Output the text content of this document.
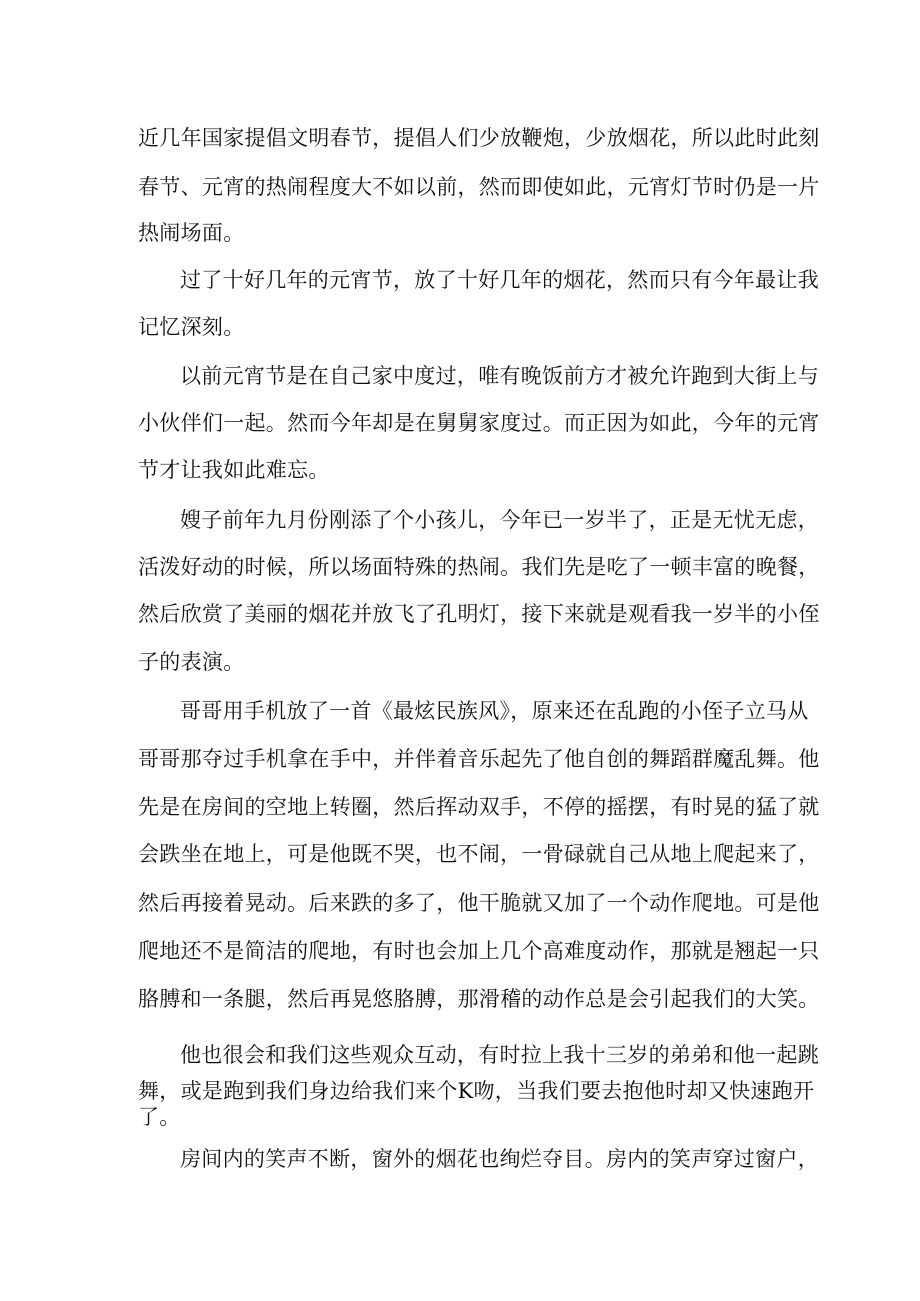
近几年国家提倡文明春节，提倡人们少放鞭炮，少放烟花，所以此时此刻
春节、元宵的热闹程度大不如以前，然而即使如此，元宵灯节时仍是一片
热闹场面。
过了十好几年的元宵节，放了十好几年的烟花，然而只有今年最让我
记忆深刻。
以前元宵节是在自己家中度过，唯有晚饭前方才被允许跑到大街上与
小伙伴们一起。然而今年却是在舅舅家度过。而正因为如此，今年的元宵
节才让我如此难忘。
嫂子前年九月份刚添了个小孩儿，今年已一岁半了，正是无忧无虑，
活泼好动的时候，所以场面特殊的热闹。我们先是吃了一顿丰富的晚餐，
然后欣赏了美丽的烟花并放飞了孔明灯，接下来就是观看我一岁半的小侄
子的表演。
哥哥用手机放了一首《最炫民族风》，原来还在乱跑的小侄子立马从
哥哥那夺过手机拿在手中，并伴着音乐起先了他自创的舞蹈群魔乱舞。他
先是在房间的空地上转圈，然后挥动双手，不停的摇摆，有时晃的猛了就
会跌坐在地上，可是他既不哭，也不闹，一骨碌就自己从地上爬起来了，
然后再接着晃动。后来跌的多了，他干脆就又加了一个动作爬地。可是他
爬地还不是简洁的爬地，有时也会加上几个高难度动作，那就是翘起一只
胳膊和一条腿，然后再晃悠胳膊，那滑稽的动作总是会引起我们的大笑。
他也很会和我们这些观众互动，有时拉上我十三岁的弟弟和他一起跳
舞，或是跑到我们身边给我们来个K吻，当我们要去抱他时却又快速跑开
了。
房间内的笑声不断，窗外的烟花也绚烂夺目。房内的笑声穿过窗户，
